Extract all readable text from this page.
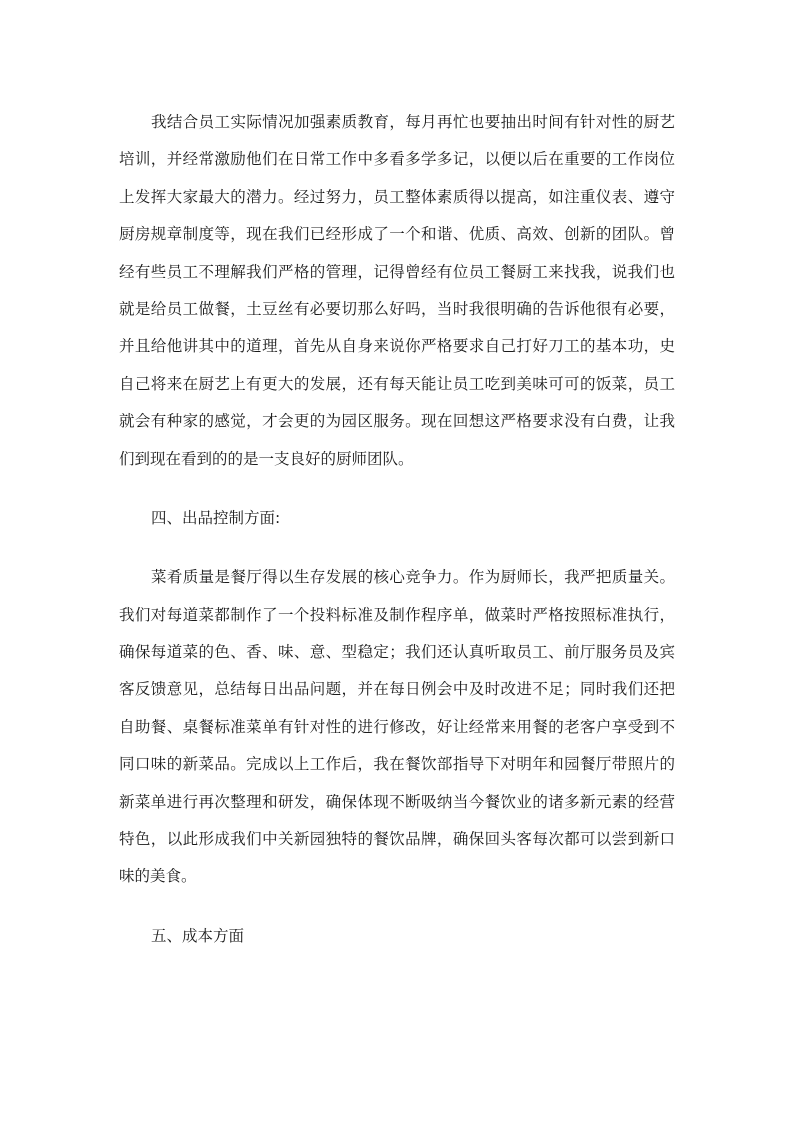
我结合员工实际情况加强素质教育，每月再忙也要抽出时间有针对性的厨艺
培训，并经常激励他们在日常工作中多看多学多记，以便以后在重要的工作岗位
上发挥大家最大的潜力。经过努力，员工整体素质得以提高，如注重仪表、遵守
厨房规章制度等，现在我们已经形成了一个和谐、优质、高效、创新的团队。曾
经有些员工不理解我们严格的管理，记得曾经有位员工餐厨工来找我，说我们也
就是给员工做餐，土豆丝有必要切那么好吗，当时我很明确的告诉他很有必要，
并且给他讲其中的道理，首先从自身来说你严格要求自己打好刀工的基本功，史
自己将来在厨艺上有更大的发展，还有每天能让员工吃到美味可可的饭菜，员工
就会有种家的感觉，才会更的为园区服务。现在回想这严格要求没有白费，让我
们到现在看到的的是一支良好的厨师团队。
四、出品控制方面:
菜肴质量是餐厅得以生存发展的核心竞争力。作为厨师长，我严把质量关。
我们对每道菜都制作了一个投料标准及制作程序单，做菜时严格按照标准执行，
确保每道菜的色、香、味、意、型稳定；我们还认真听取员工、前厅服务员及宾
客反馈意见，总结每日出品问题，并在每日例会中及时改进不足；同时我们还把
自助餐、桌餐标准菜单有针对性的进行修改，好让经常来用餐的老客户享受到不
同口味的新菜品。完成以上工作后，我在餐饮部指导下对明年和园餐厅带照片的
新菜单进行再次整理和研发，确保体现不断吸纳当今餐饮业的诸多新元素的经营
特色，以此形成我们中关新园独特的餐饮品牌，确保回头客每次都可以尝到新口
味的美食。
五、成本方面
